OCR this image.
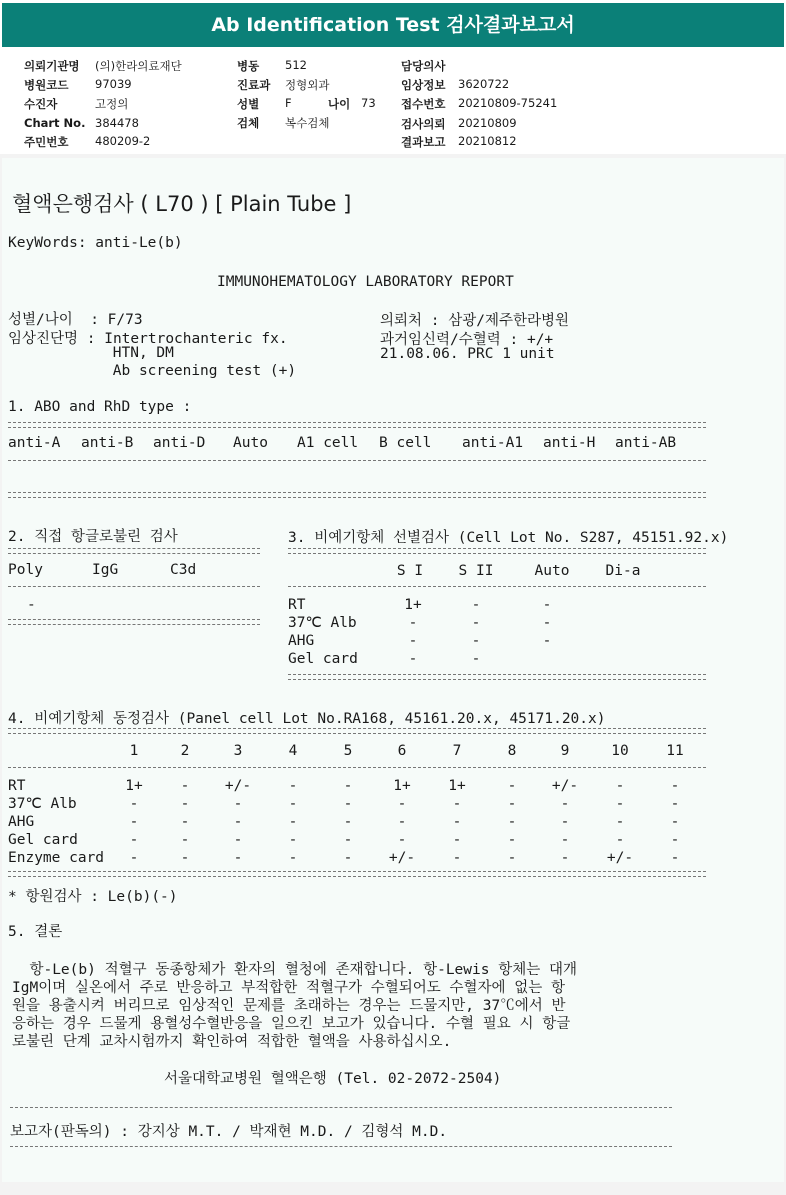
Ab Identification Test 검사결과보고서
의뢰기관명 (의)한라의료재단
병원코드 97039
수진자	고정의
Chart No. 384478
주민번호 480209-2
병동 512
진료과 정형외과
성별 F	나이 73
검체 복수검체
담당의사
임상정보 3620722
접수번호 20210809-75241
검사의뢰 20210809
결과보고 20210812
혈액은행검사 ( L70 ) [ Plain Tube ]
KeyWords: anti-Le(b)
IMMUNOHEMATOLOGY LABORATORY REPORT
성별/나이  : F/73
임상진단명 : Intertrochanteric fx.
HTN, DM
Ab screening test (+)
의뢰처 : 삼광/제주한라병원
과거임신력/수혈력 : +/+
21.08.06. PRC 1 unit
1. ABO and RhD type :
anti-A anti-B anti-D Auto A1 cell B cell anti-A1 anti-H anti-AB
2. 직접 항글로불린 검사
Poly	IgG	C3d
-
3. 비예기항체 선별검사 (Cell Lot No. S287, 45151.92.x)
S I	S II	Auto	Di-a
RT	1+	-	-
37℃ Alb	-	-	-
AHG	-	-	-
Gel card	-	-
4. 비예기항체 동정검사 (Panel cell Lot No.RA168, 45161.20.x, 45171.20.x)
1	2	3	4	5	6	7	8	9	10	11
RT	1+	-	+/-	-	-	1+	1+	-	+/-	-	-
37℃ Alb	-	-	-	-	-	-	-	-	-	-	-
AHG	-	-	-	-	-	-	-	-	-	-	-
Gel card	-	-	-	-	-	-	-	-	-	-	-
Enzyme card	-	-	-	-	-	+/-	-	-	-	+/-	-
* 항원검사 : Le(b)(-)
5. 결론
항-Le(b) 적혈구 동종항체가 환자의 혈청에 존재합니다. 항-Lewis 항체는 대개
IgM이며 실온에서 주로 반응하고 부적합한 적혈구가 수혈되어도 수혈자에 없는 항
원을 용출시켜 버리므로 임상적인 문제를 초래하는 경우는 드물지만, 37℃에서 반
응하는 경우 드물게 용혈성수혈반응을 일으킨 보고가 있습니다. 수혈 필요 시 항글
로불린 단계 교차시험까지 확인하여 적합한 혈액을 사용하십시오.
서울대학교병원 혈액은행 (Tel. 02-2072-2504)
보고자(판독의) : 강지상 M.T. / 박재현 M.D. / 김형석 M.D.
